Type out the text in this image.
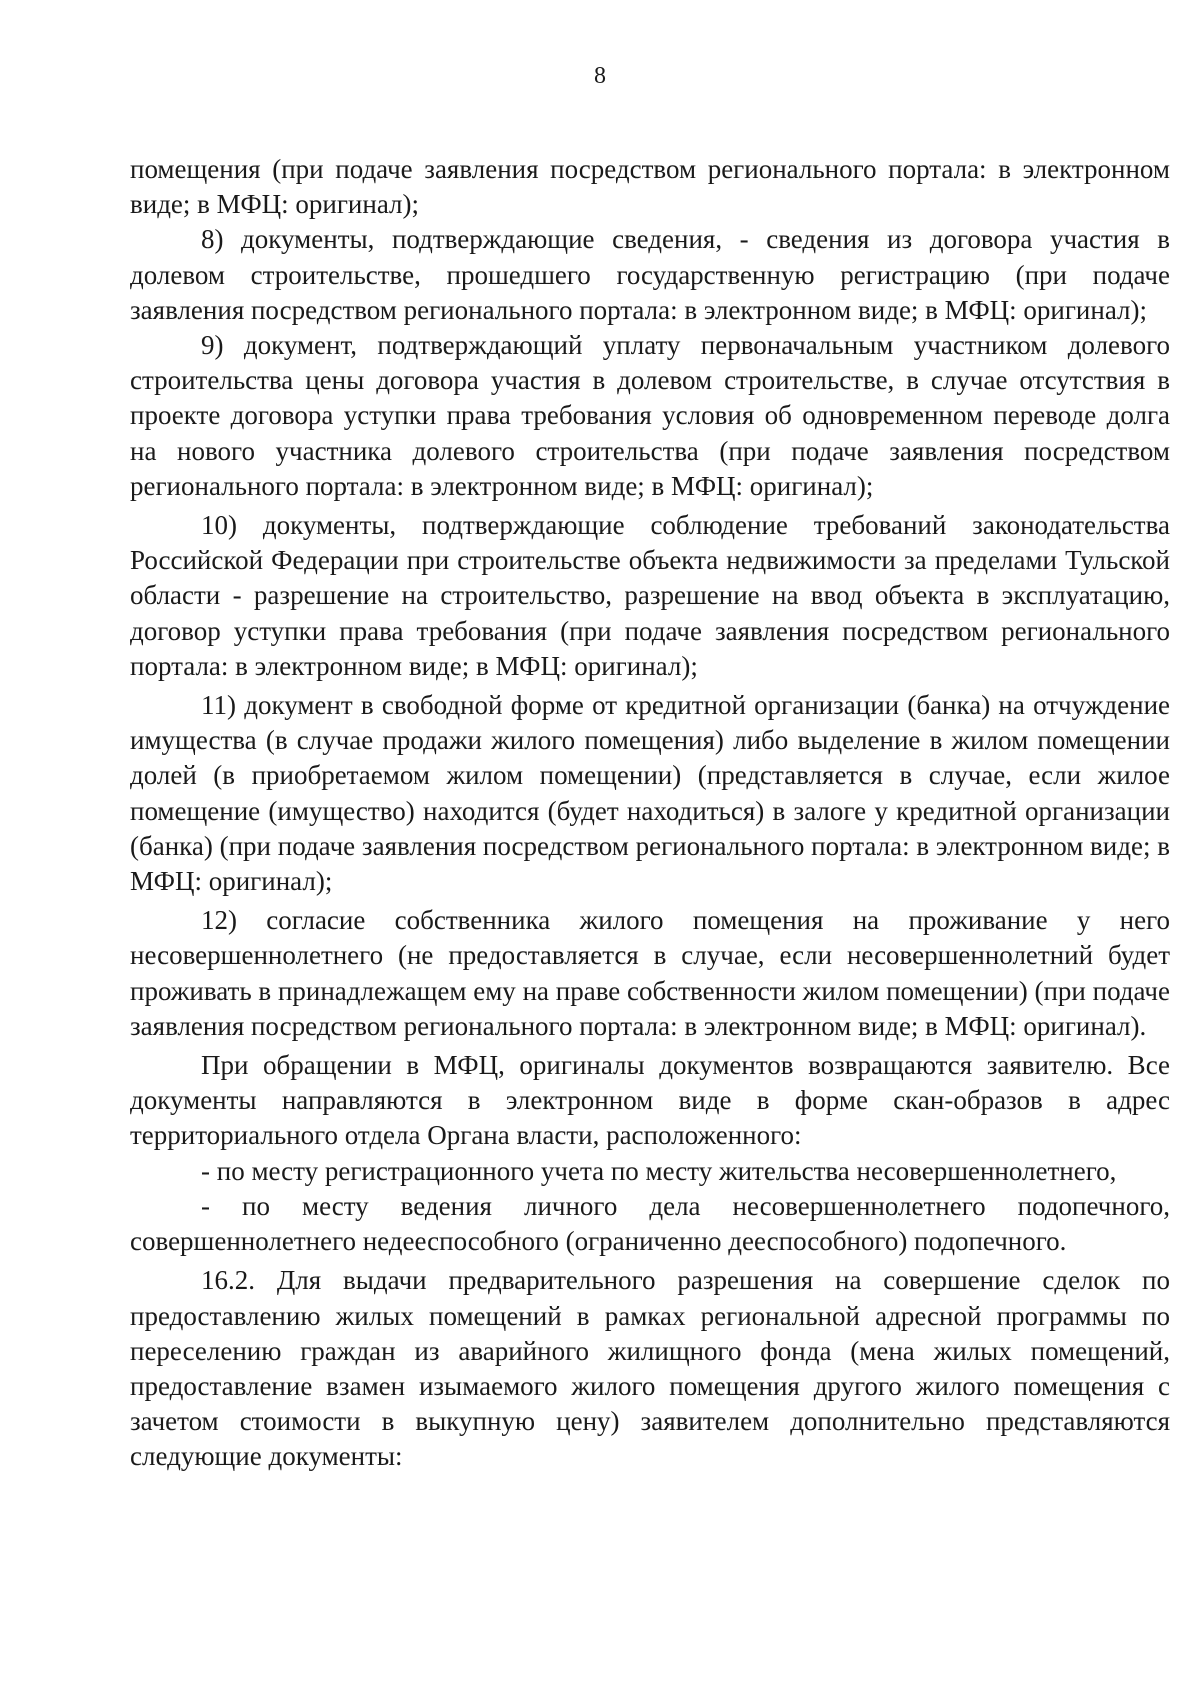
8

помещения (при подаче заявления посредством регионального портала: в электронном виде; в МФЦ: оригинал);

8) документы, подтверждающие сведения, - сведения из договора участия в долевом строительстве, прошедшего государственную регистрацию (при подаче заявления посредством регионального портала: в электронном виде; в МФЦ: оригинал);

9) документ, подтверждающий уплату первоначальным участником долевого строительства цены договора участия в долевом строительстве, в случае отсутствия в проекте договора уступки права требования условия об одновременном переводе долга на нового участника долевого строительства (при подаче заявления посредством регионального портала: в электронном виде; в МФЦ: оригинал);

10) документы, подтверждающие соблюдение требований законодательства Российской Федерации при строительстве объекта недвижимости за пределами Тульской области - разрешение на строительство, разрешение на ввод объекта в эксплуатацию, договор уступки права требования (при подаче заявления посредством регионального портала: в электронном виде; в МФЦ: оригинал);

11) документ в свободной форме от кредитной организации (банка) на отчуждение имущества (в случае продажи жилого помещения) либо выделение в жилом помещении долей (в приобретаемом жилом помещении) (представляется в случае, если жилое помещение (имущество) находится (будет находиться) в залоге у кредитной организации (банка) (при подаче заявления посредством регионального портала: в электронном виде; в МФЦ: оригинал);

12) согласие собственника жилого помещения на проживание у него несовершеннолетнего (не предоставляется в случае, если несовершеннолетний будет проживать в принадлежащем ему на праве собственности жилом помещении) (при подаче заявления посредством регионального портала: в электронном виде; в МФЦ: оригинал).

При обращении в МФЦ, оригиналы документов возвращаются заявителю. Все документы направляются в электронном виде в форме скан-образов в адрес территориального отдела Органа власти, расположенного:

- по месту регистрационного учета по месту жительства несовершеннолетнего,

- по месту ведения личного дела несовершеннолетнего подопечного, совершеннолетнего недееспособного (ограниченно дееспособного) подопечного.

16.2. Для выдачи предварительного разрешения на совершение сделок по предоставлению жилых помещений в рамках региональной адресной программы по переселению граждан из аварийного жилищного фонда (мена жилых помещений, предоставление взамен изымаемого жилого помещения другого жилого помещения с зачетом стоимости в выкупную цену) заявителем дополнительно представляются следующие документы:
